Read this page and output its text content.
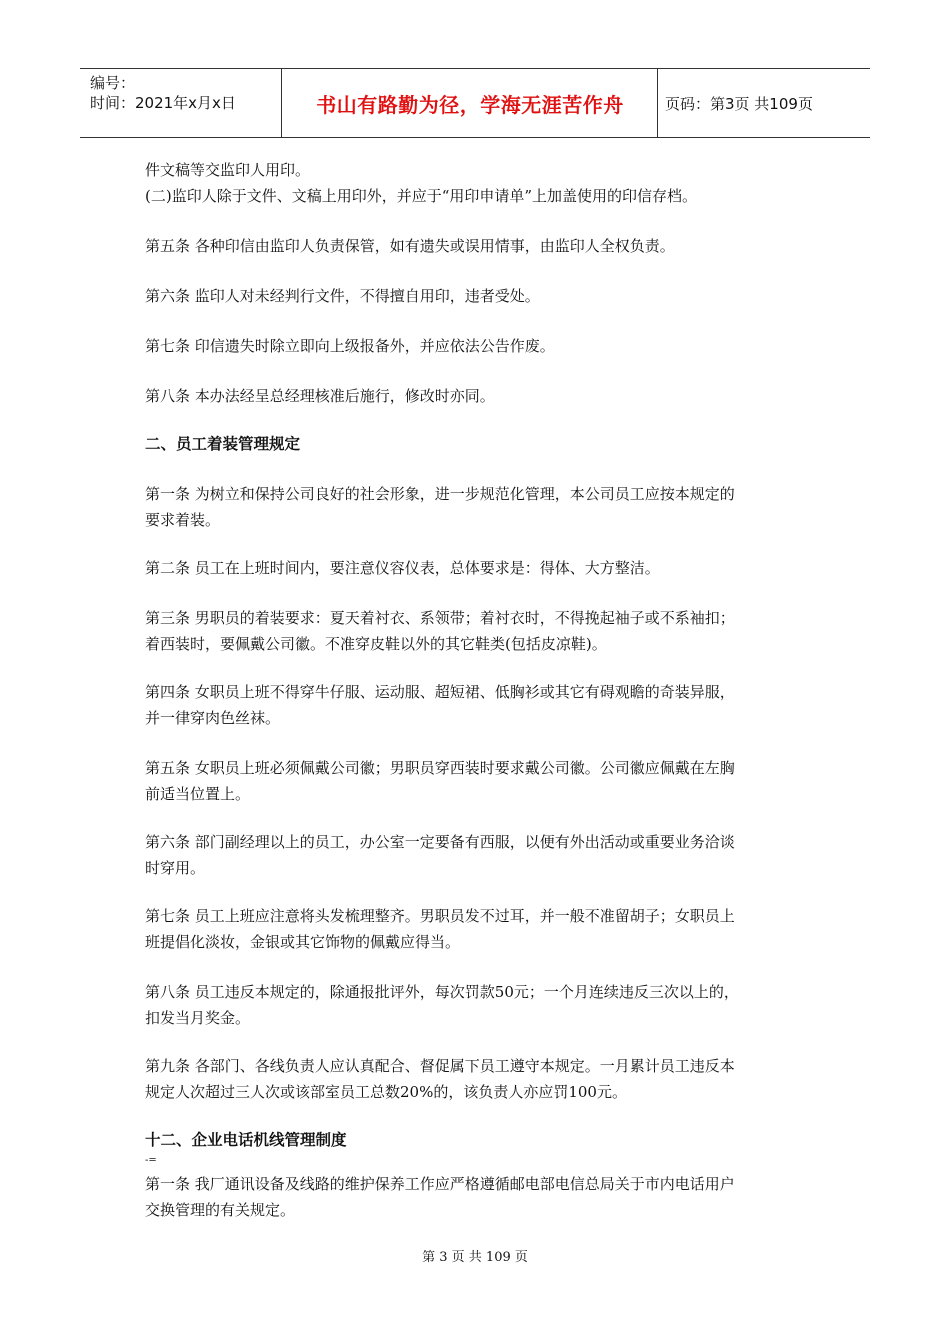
编号：
时间：2021年x月x日	书山有路勤为径，学海无涯苦作舟	页码：第3页 共109页

件文稿等交监印人用印。

(二)监印人除于文件、文稿上用印外，并应于“用印申请单”上加盖使用的印信存档。

第五条 各种印信由监印人负责保管，如有遗失或误用情事，由监印人全权负责。

第六条 监印人对未经判行文件，不得擅自用印，违者受处。

第七条 印信遗失时除立即向上级报备外，并应依法公告作废。

第八条 本办法经呈总经理核准后施行，修改时亦同。

二、员工着装管理规定

第一条 为树立和保持公司良好的社会形象，进一步规范化管理，本公司员工应按本规定的

要求着装。

第二条 员工在上班时间内，要注意仪容仪表，总体要求是：得体、大方整洁。

第三条 男职员的着装要求：夏天着衬衣、系领带；着衬衣时，不得挽起袖子或不系袖扣；

着西装时，要佩戴公司徽。不准穿皮鞋以外的其它鞋类(包括皮凉鞋)。

第四条 女职员上班不得穿牛仔服、运动服、超短裙、低胸衫或其它有碍观瞻的奇装异服，

并一律穿肉色丝袜。

第五条 女职员上班必须佩戴公司徽；男职员穿西装时要求戴公司徽。公司徽应佩戴在左胸

前适当位置上。

第六条 部门副经理以上的员工，办公室一定要备有西服，以便有外出活动或重要业务洽谈

时穿用。

第七条 员工上班应注意将头发梳理整齐。男职员发不过耳，并一般不准留胡子；女职员上

班提倡化淡妆，金银或其它饰物的佩戴应得当。

第八条 员工违反本规定的，除通报批评外，每次罚款50元；一个月连续违反三次以上的，

扣发当月奖金。

第九条 各部门、各线负责人应认真配合、督促属下员工遵守本规定。一月累计员工违反本

规定人次超过三人次或该部室员工总数20%的，该负责人亦应罚100元。

十二、企业电话机线管理制度

-=

第一条 我厂通讯设备及线路的维护保养工作应严格遵循邮电部电信总局关于市内电话用户

交换管理的有关规定。

第 3 页 共 109 页
